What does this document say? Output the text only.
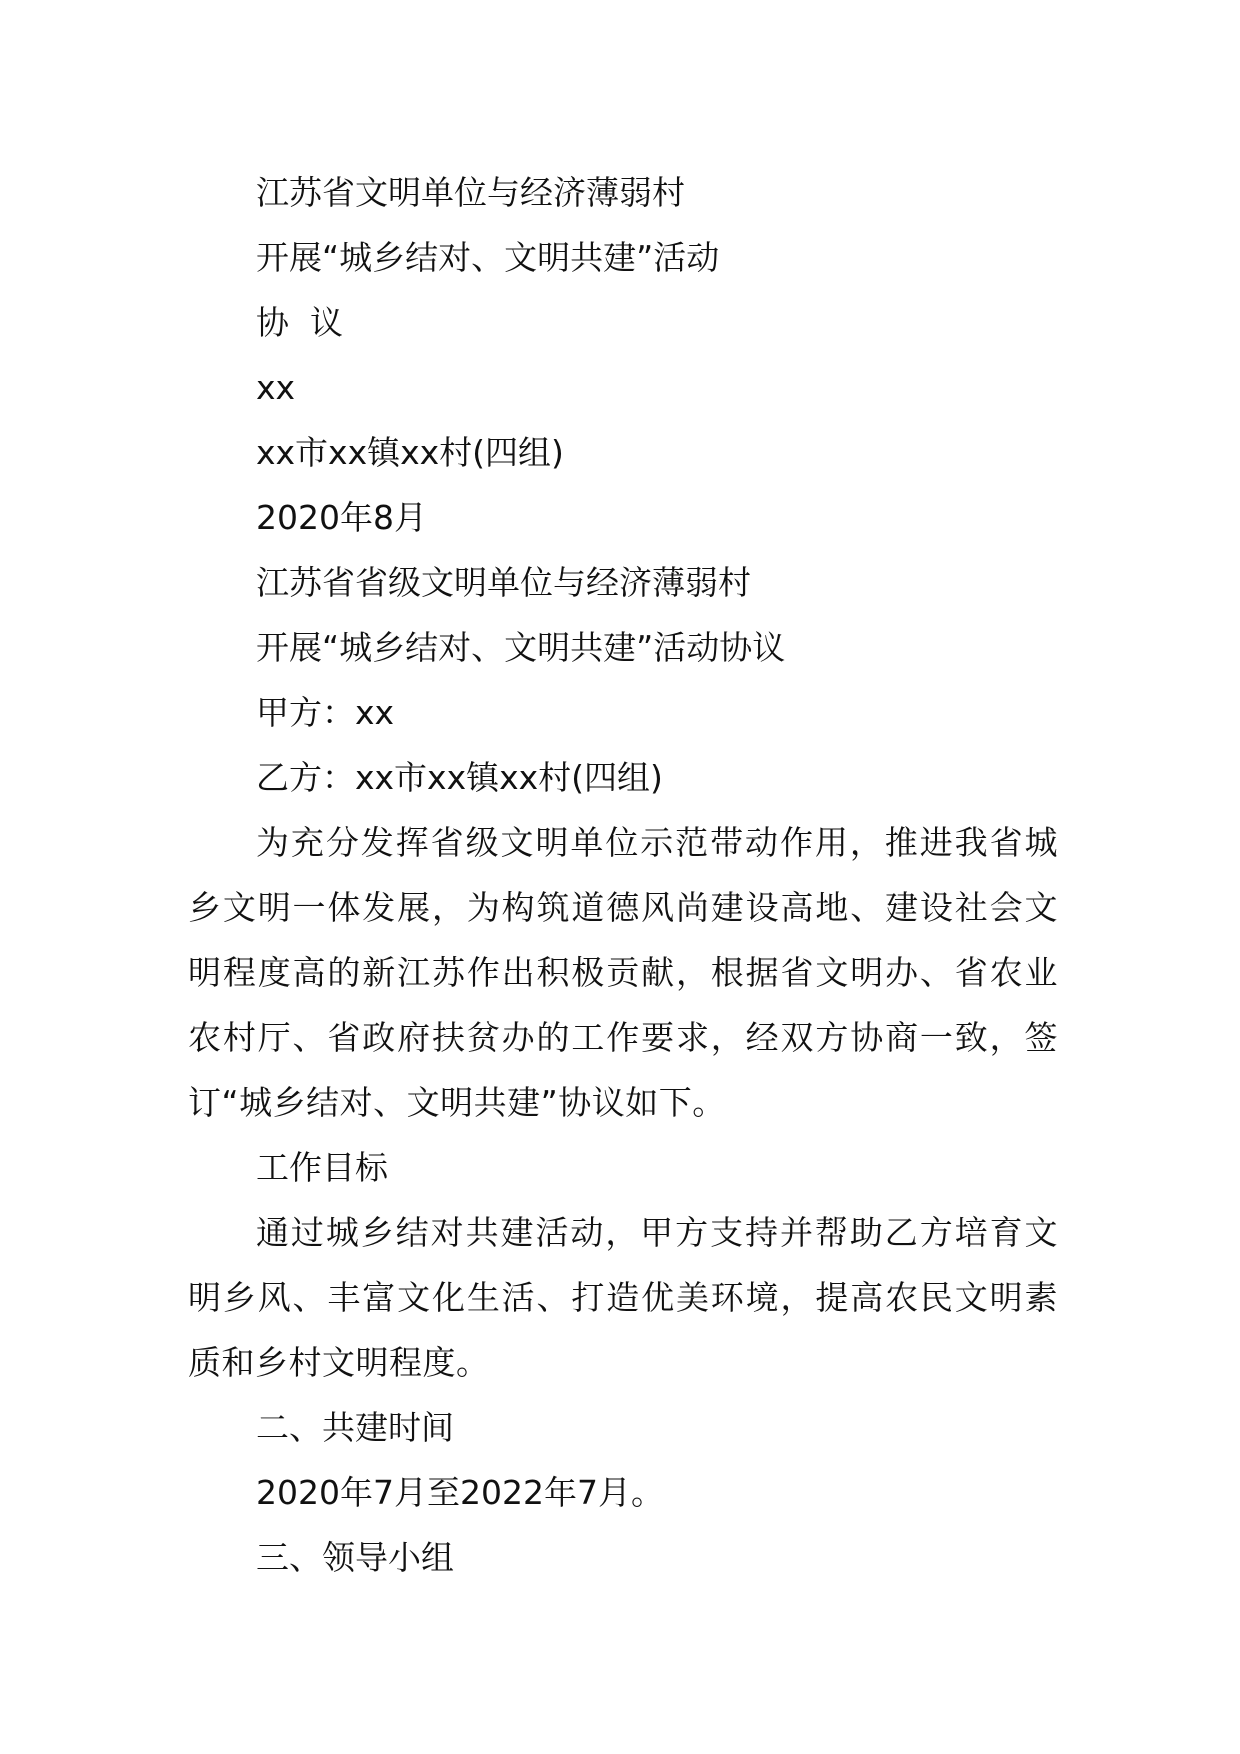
江苏省文明单位与经济薄弱村

开展“城乡结对、文明共建”活动

协  议

xx

xx市xx镇xx村(四组)

2020年8月

江苏省省级文明单位与经济薄弱村

开展“城乡结对、文明共建”活动协议

甲方：xx

乙方：xx市xx镇xx村(四组)

为充分发挥省级文明单位示范带动作用，推进我省城乡文明一体发展，为构筑道德风尚建设高地、建设社会文明程度高的新江苏作出积极贡献，根据省文明办、省农业农村厅、省政府扶贫办的工作要求，经双方协商一致，签订“城乡结对、文明共建”协议如下。

工作目标

通过城乡结对共建活动，甲方支持并帮助乙方培育文明乡风、丰富文化生活、打造优美环境，提高农民文明素质和乡村文明程度。

二、共建时间

2020年7月至2022年7月。

三、领导小组
